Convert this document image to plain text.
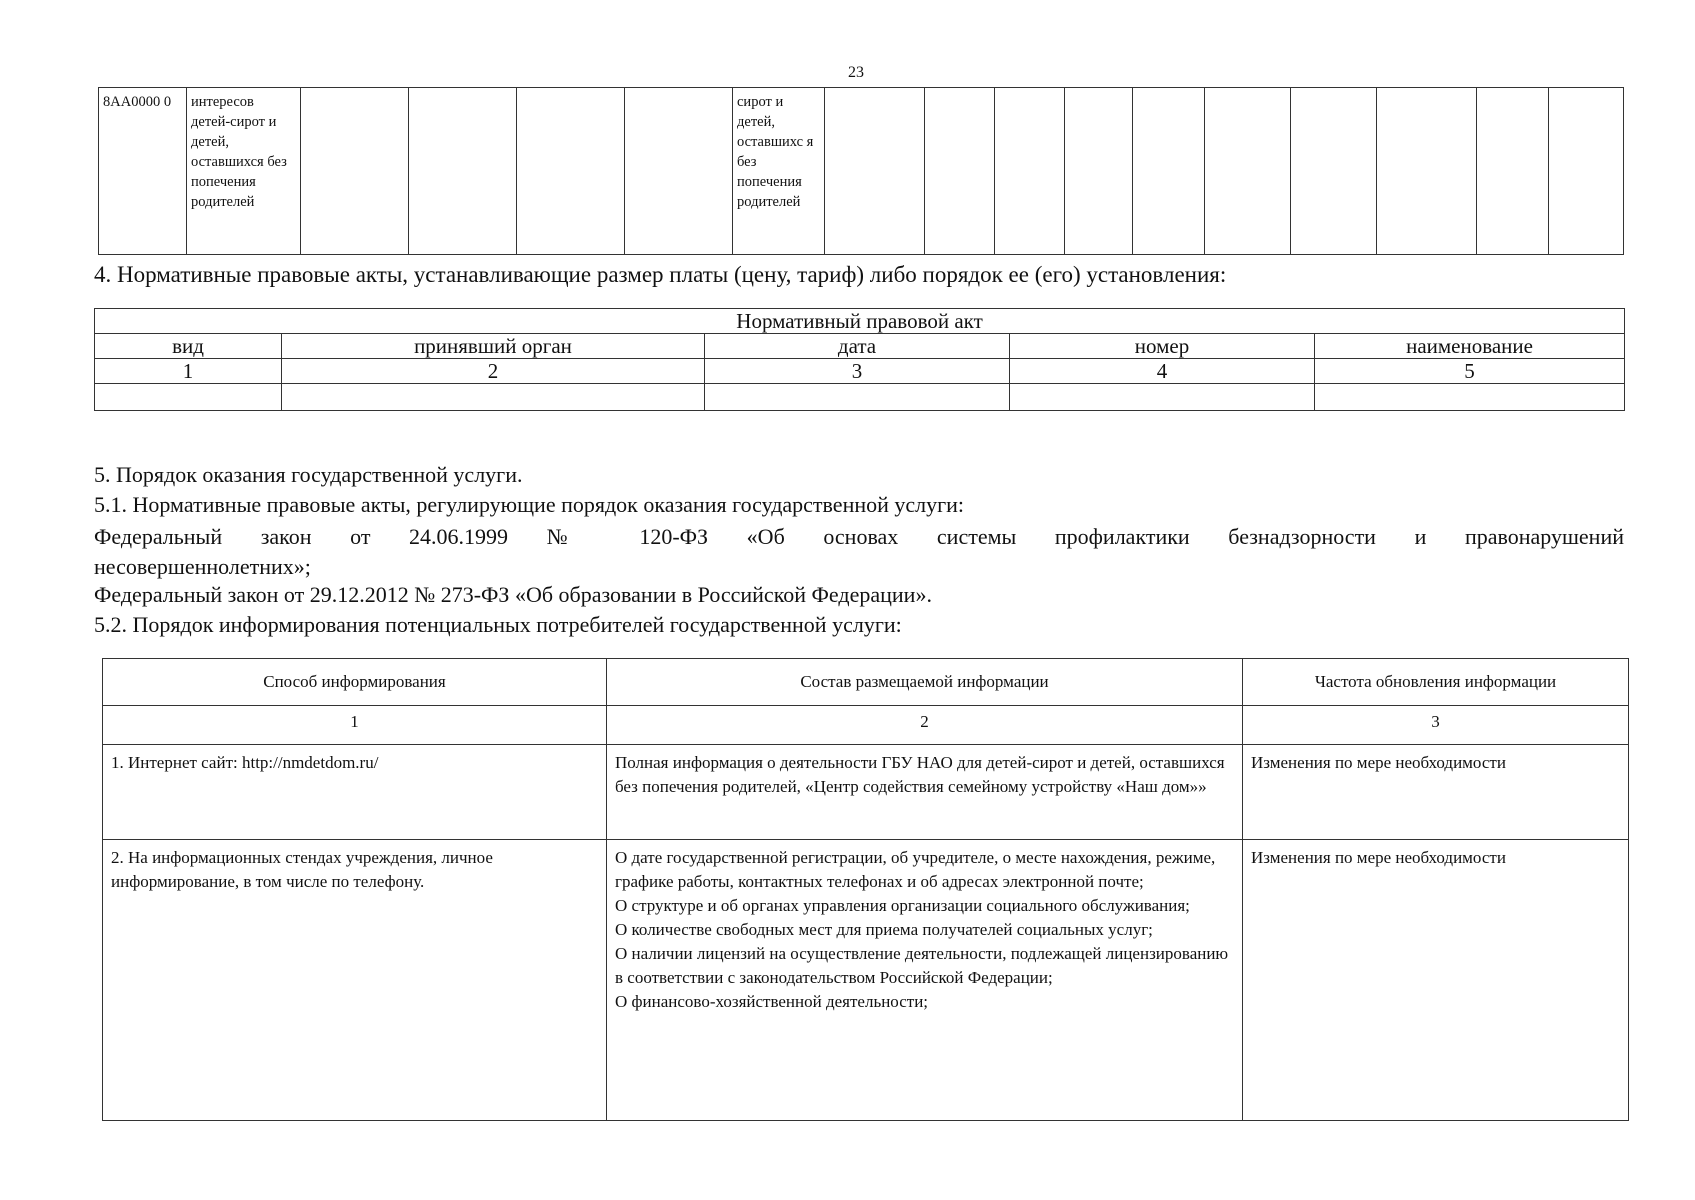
23
8AA0000 0	интересов детей-сирот и детей, оставшихся без попечения родителей					сирот и детей, оставшихс я без попечения родителей										
4. Нормативные правовые акты, устанавливающие размер платы (цену, тариф) либо порядок ее (его) установления:
Нормативный правовой акт				
вид	принявший орган	дата	номер	наименование
1	2	3	4	5

5. Порядок оказания государственной услуги.
5.1. Нормативные правовые акты, регулирующие порядок оказания государственной услуги:
Федеральный закон от 24.06.1999 № 120-ФЗ «Об основах системы профилактики безнадзорности и правонарушений
несовершеннолетних»;
Федеральный закон от 29.12.2012 № 273-ФЗ «Об образовании в Российской Федерации».
5.2. Порядок информирования потенциальных потребителей государственной услуги:
Способ информирования	Состав размещаемой информации	Частота обновления информации
1	2	3
1. Интернет сайт: http://nmdetdom.ru/	Полная информация о деятельности ГБУ НАО для детей-сирот и детей, оставшихся без попечения родителей, «Центр содействия семейному устройству «Наш дом»»	Изменения по мере необходимости
2. На информационных стендах учреждения, личное информирование, в том числе по телефону.	О дате государственной регистрации, об учредителе, о месте нахождения, режиме, графике работы, контактных телефонах и об адресах электронной почте;
О структуре и об органах управления организации социального обслуживания;
О количестве свободных мест для приема получателей социальных услуг;
О наличии лицензий на осуществление деятельности, подлежащей лицензированию в соответствии с законодательством Российской Федерации;
О финансово-хозяйственной деятельности;	Изменения по мере необходимости
